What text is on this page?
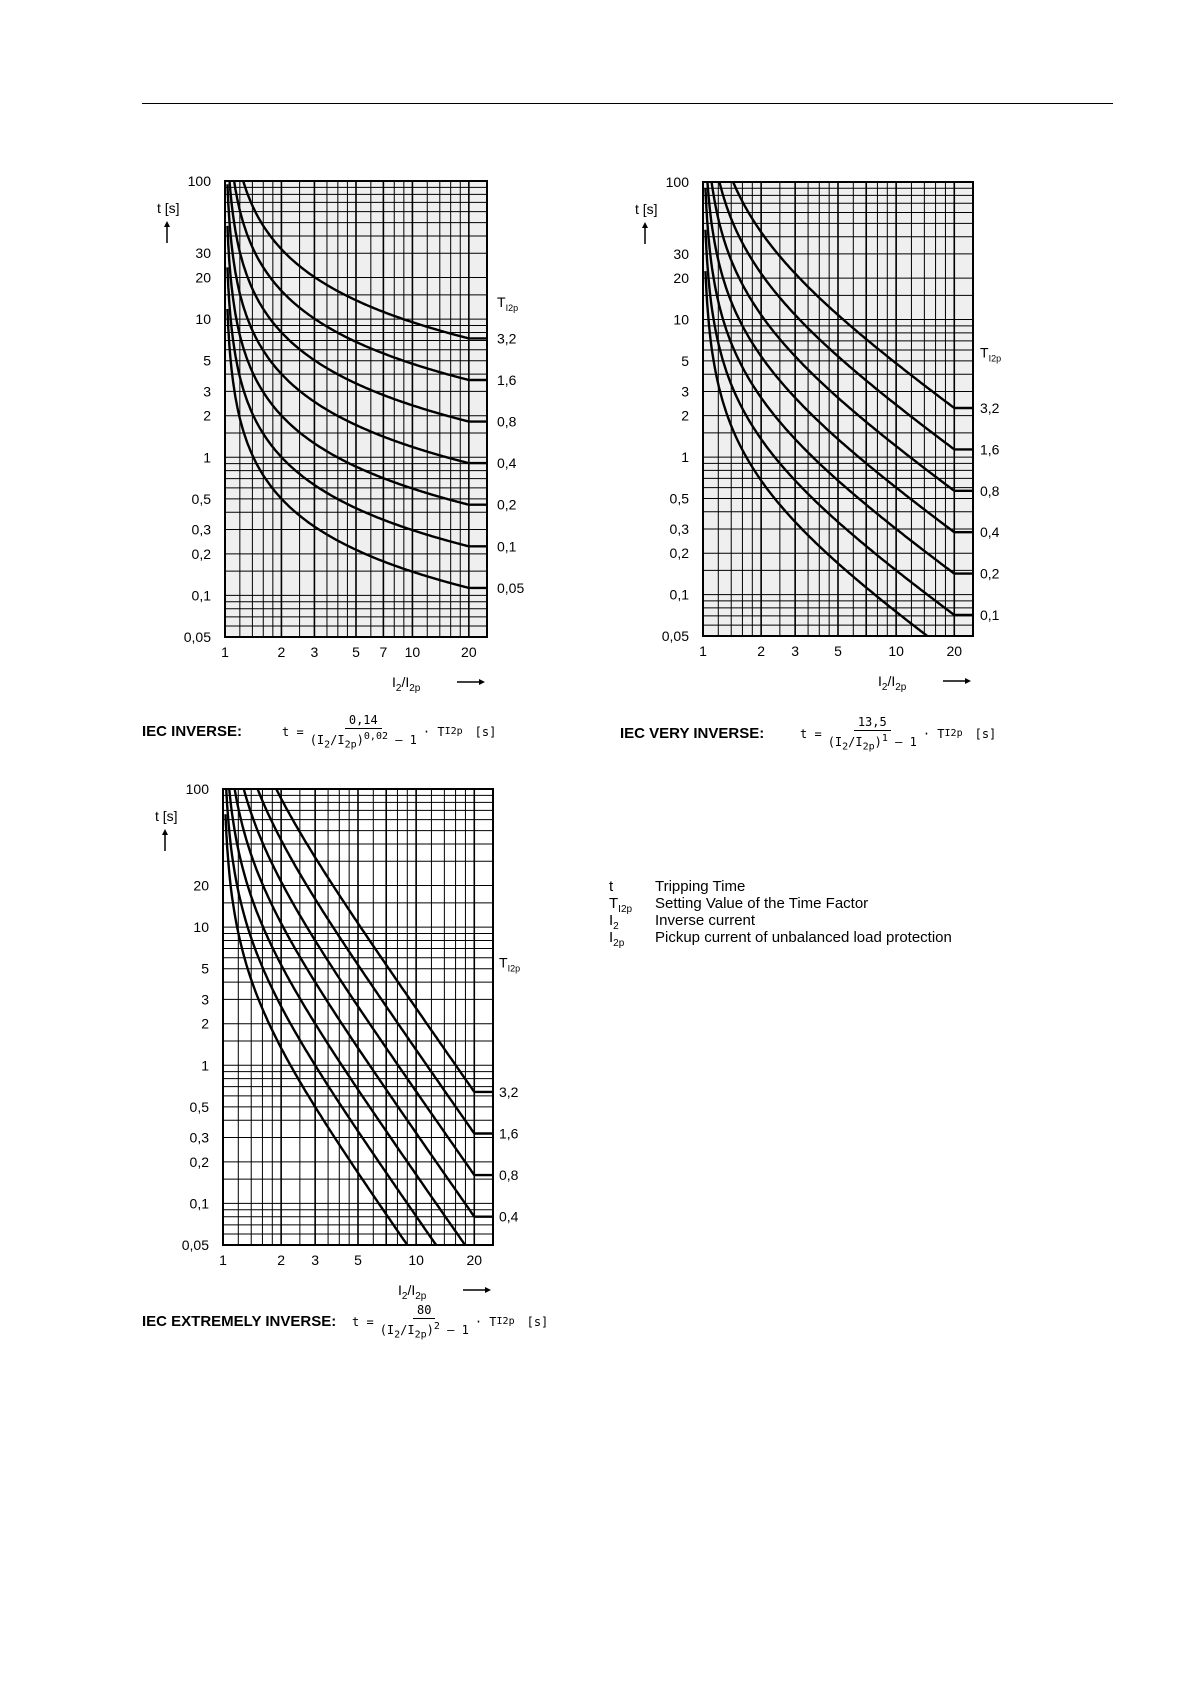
3,2
1,6
0,8
0,4
0,2
0,1
0,05
100
30
20
10
5
3
2
1
0,5
0,3
0,2
0,1
0,05
1	2 3 5 7 10	20
t [s]
$I_2/I_{2p}$
$T_{I2p}$
3,2
1,6
0,8
0,4
0,2
0,1
100
30
20
10
5
3
2
1
0,5
0,3
0,2
0,1
0,05
1	2 3	5	10	20
t [s]
$I_2/I_{2p}$
$T_{I2p}$
3,2
1,6
0,8
0,4
100
20
10
5
3
2
1
0,5
0,3
0,2
0,1
0,05
1	2 3	5	10	20
t [s]
$I_2/I_{2p}$
$T_{I2p}$
IEC INVERSE:	$t = \frac{0,14}{(I_2/I_{2p})^{0,02} - 1} \cdot T$ I2p [s]	IEC VERY INVERSE:	$t = \frac{13,5}{(I_2/I_{2p})^1 - 1} \cdot T$ I2p [s]
IEC EXTREMELY INVERSE:	$t = \frac{80}{(I_2/I_{2p})^2 - 1} \cdot T$ I2p [s]
t	Tripping Time
$T_{I2p}$	Setting Value of the Time Factor
$I_2$	Inverse current
$I_{2p}$	Pickup current of unbalanced load protection
